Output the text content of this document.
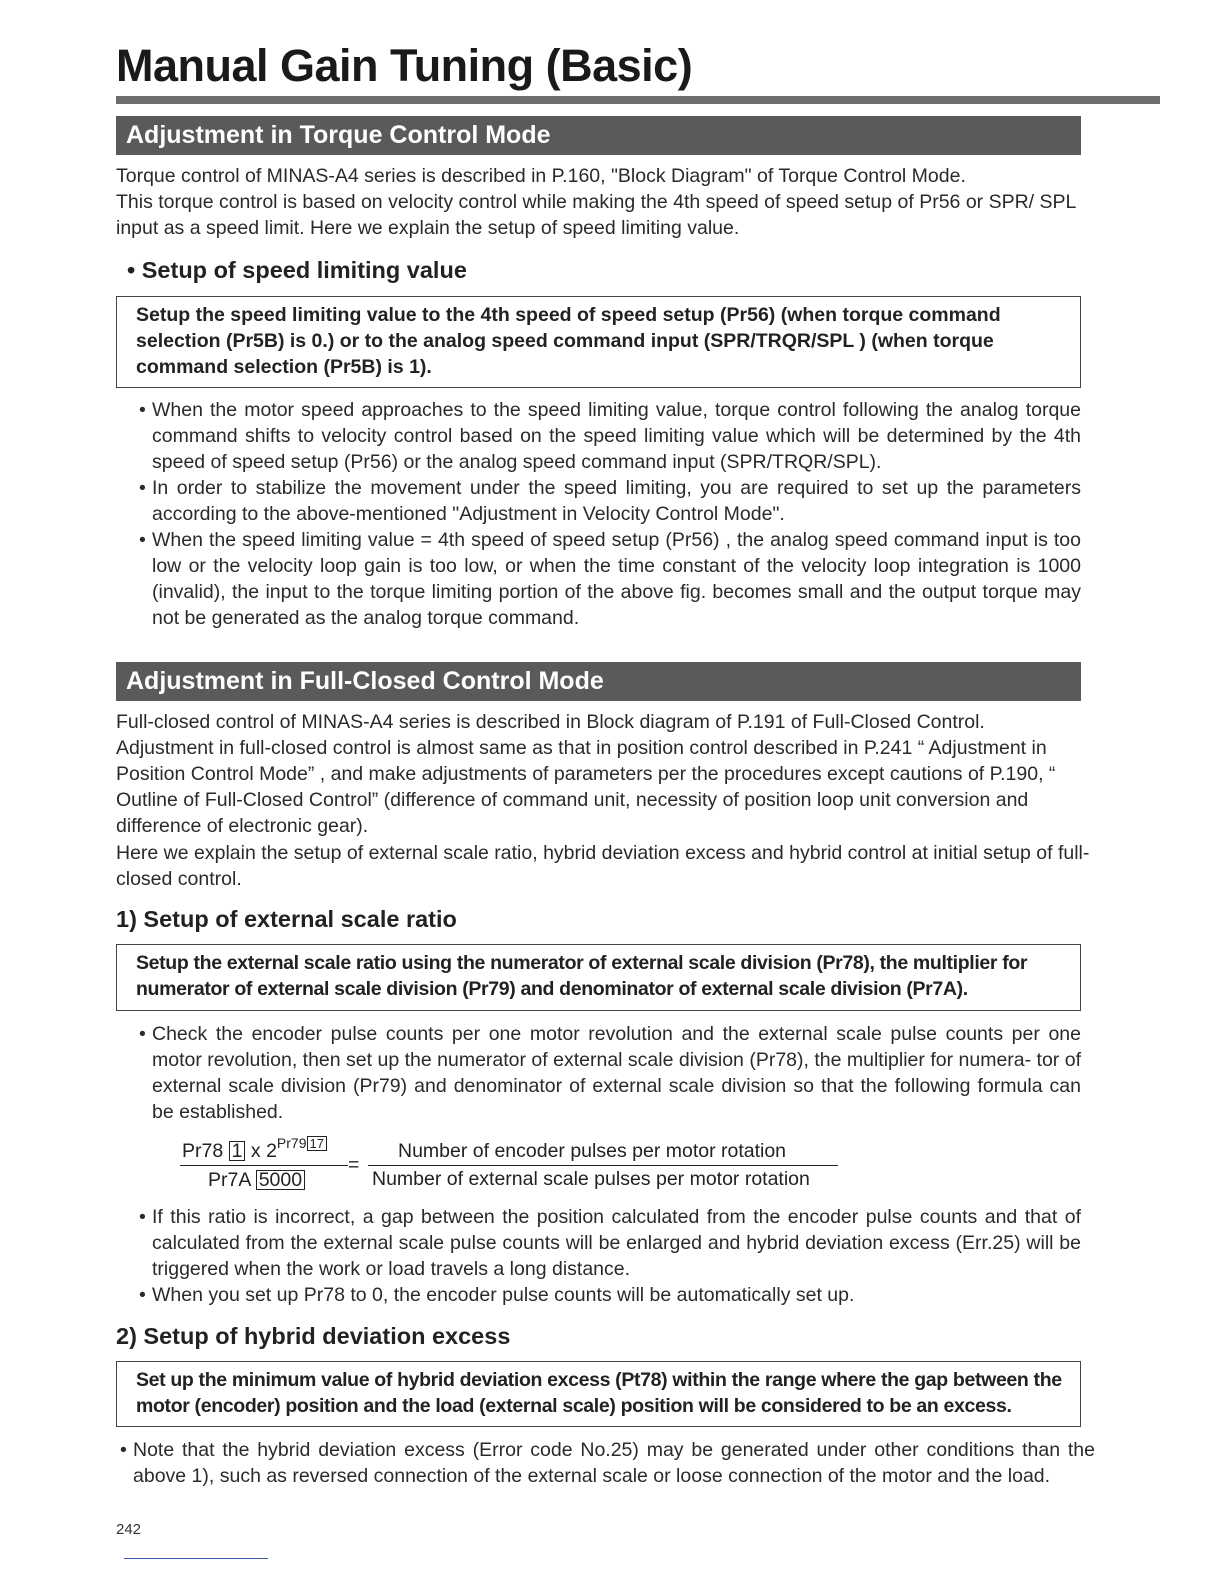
Manual Gain Tuning (Basic)
Adjustment in Torque Control Mode

Torque control of MINAS-A4 series is described in P.160, "Block Diagram" of Torque Control Mode.

This torque control is based on velocity control while making the 4th speed of speed setup of Pr56 or SPR/ SPL input as a speed limit. Here we explain the setup of speed limiting value.

• Setup of speed limiting value
Setup the speed limiting value to the 4th speed of speed setup (Pr56) (when torque command selection (Pr5B) is 0.) or to the analog speed command input (SPR/TRQR/SPL ) (when torque command selection (Pr5B) is 1).
• When the motor speed approaches to the speed limiting value, torque control following the analog torque command shifts to velocity control based on the speed limiting value which will be determined by the 4th speed of speed setup (Pr56) or the analog speed command input (SPR/TRQR/SPL).
• In order to stabilize the movement under the speed limiting, you are required to set up the parameters according to the above-mentioned "Adjustment in Velocity Control Mode".
• When the speed limiting value = 4th speed of speed setup (Pr56) , the analog speed command input is too low or the velocity loop gain is too low, or when the time constant of the velocity loop integration is 1000 (invalid), the input to the torque limiting portion of the above fig. becomes small and the output torque may not be generated as the analog torque command.
Adjustment in Full-Closed Control Mode

Full-closed control of MINAS-A4 series is described in Block diagram of P.191 of Full-Closed Control.

Adjustment in full-closed control is almost same as that in position control described in P.241 “ Adjustment in Position Control Mode” , and make adjustments of parameters per the procedures except cautions of P.190, “ Outline of Full-Closed Control” (difference of command unit, necessity of position loop unit conversion and difference of electronic gear).

Here we explain the setup of external scale ratio, hybrid deviation excess and hybrid control at initial setup of full-closed control.

1) Setup of external scale ratio
Setup the external scale ratio using the numerator of external scale division (Pr78), the multiplier for numerator of external scale division (Pr79) and denominator of external scale division (Pr7A).
• Check the encoder pulse counts per one motor revolution and the external scale pulse counts per one motor revolution, then set up the numerator of external scale division (Pr78), the multiplier for numera- tor of external scale division (Pr79) and denominator of external scale division so that the following formula can be established.
Pr78 1 x $2^{Pr79 17}$
Pr7A 5000
=
Number of encoder pulses per motor rotation
Number of external scale pulses per motor rotation
• If this ratio is incorrect, a gap between the position calculated from the encoder pulse counts and that of calculated from the external scale pulse counts will be enlarged and hybrid deviation excess (Err.25) will be triggered when the work or load travels a long distance.
• When you set up Pr78 to 0, the encoder pulse counts will be automatically set up.
2) Setup of hybrid deviation excess
Set up the minimum value of hybrid deviation excess (Pt78) within the range where the gap between the motor (encoder) position and the load (external scale) position will be considered to be an excess.
• Note that the hybrid deviation excess (Error code No.25) may be generated under other conditions than the above 1), such as reversed connection of the external scale or loose connection of the motor and the load.
242
